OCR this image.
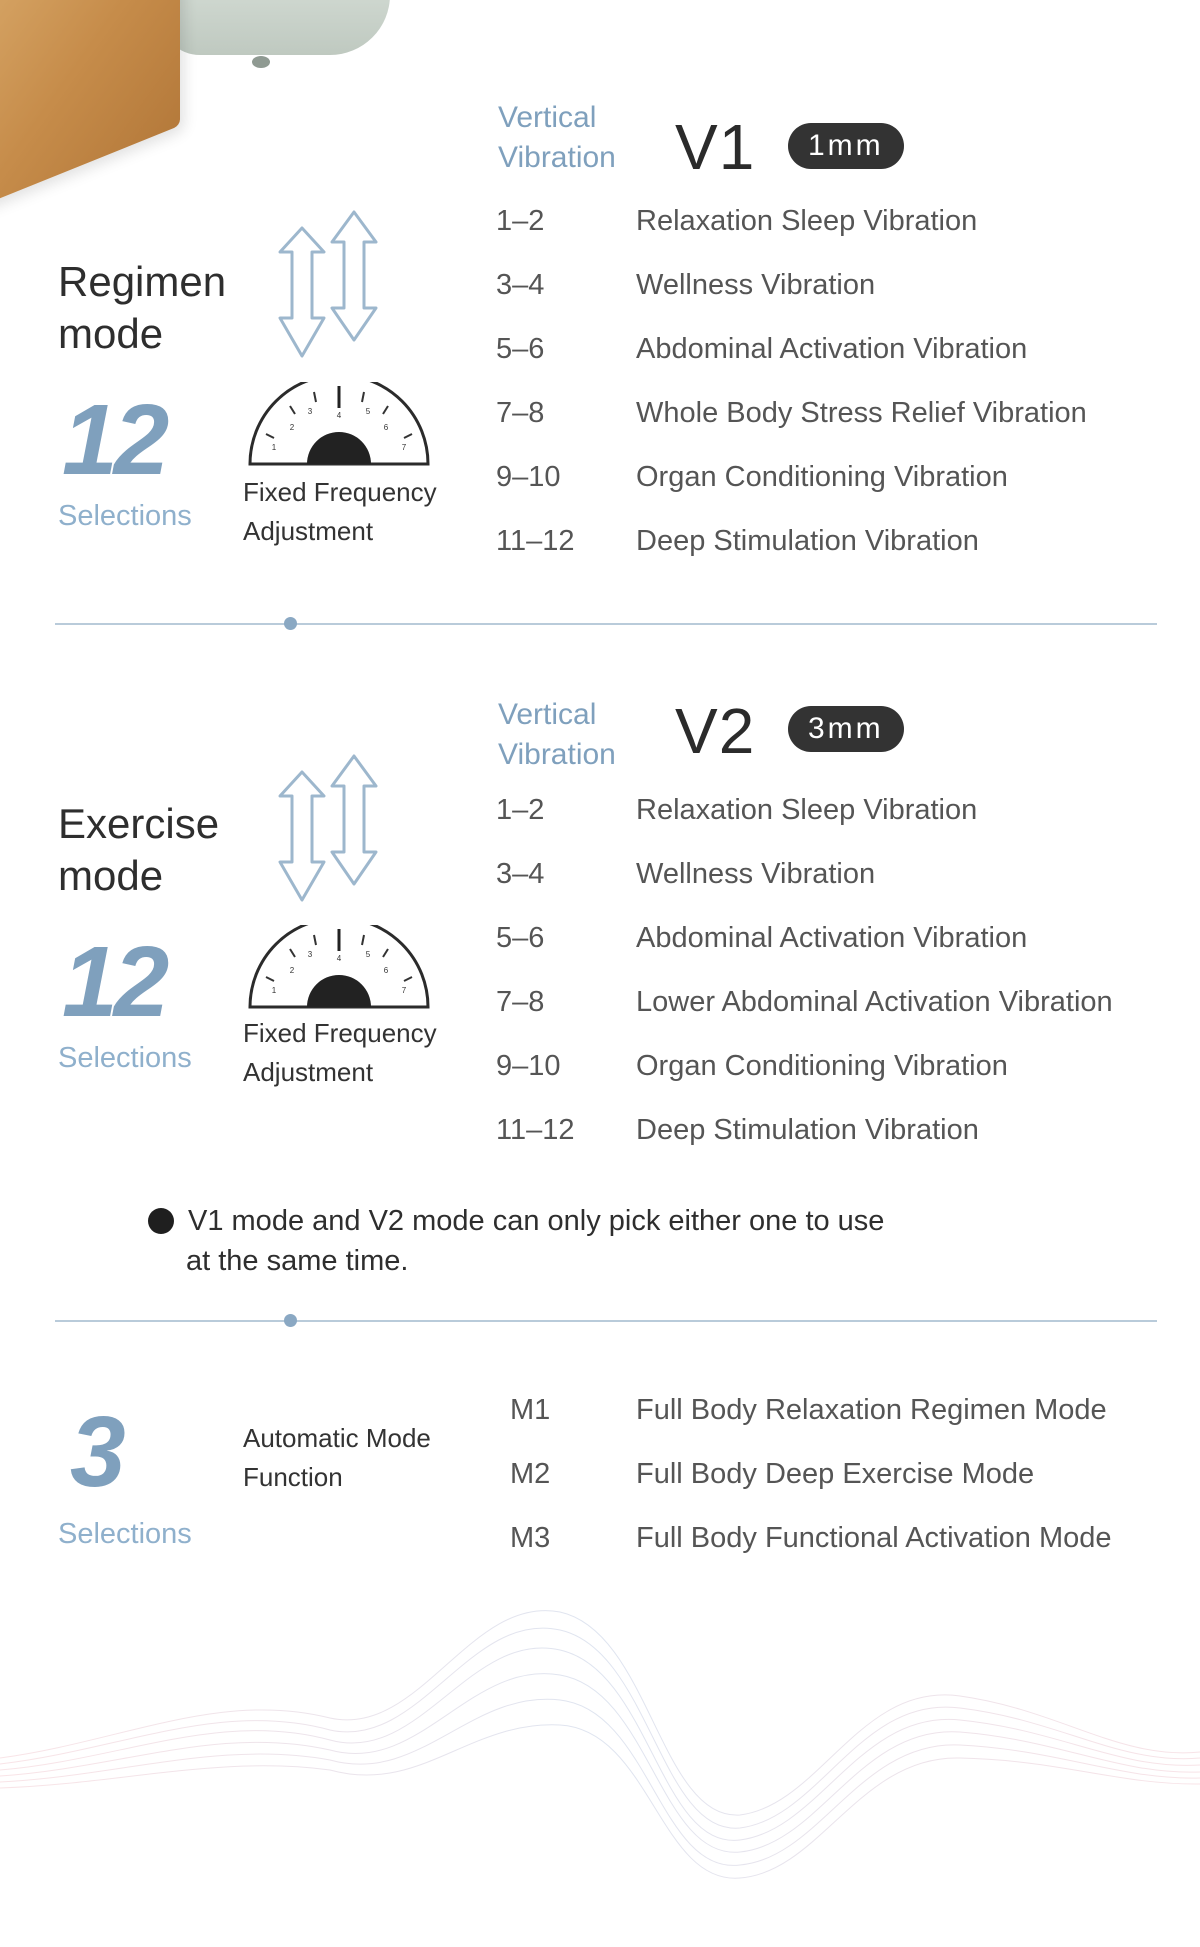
Vertical
Vibration V1	1mm
Regimen
mode
12
Selections
1
2
3	4	5
6
7
Fixed Frequency
Adjustment
1–2	Relaxation Sleep Vibration
3–4	Wellness Vibration
5–6	Abdominal Activation Vibration
7–8	Whole Body Stress Relief Vibration
9–10	Organ Conditioning Vibration
11–12 Deep Stimulation Vibration
Vertical
Vibration V2	3mm
Exercise
mode
12
Selections
1
2
3	4	5
6
7
Fixed Frequency
Adjustment
1–2	Relaxation Sleep Vibration
3–4	Wellness Vibration
5–6	Abdominal Activation Vibration
7–8	Lower Abdominal Activation Vibration
9–10	Organ Conditioning Vibration
11–12 Deep Stimulation Vibration
V1 mode and V2 mode can only pick either one to use
at the same time.
3
Selections
Automatic Mode
Function
M1	Full Body Relaxation Regimen Mode
M2	Full Body Deep Exercise Mode
M3	Full Body Functional Activation Mode
